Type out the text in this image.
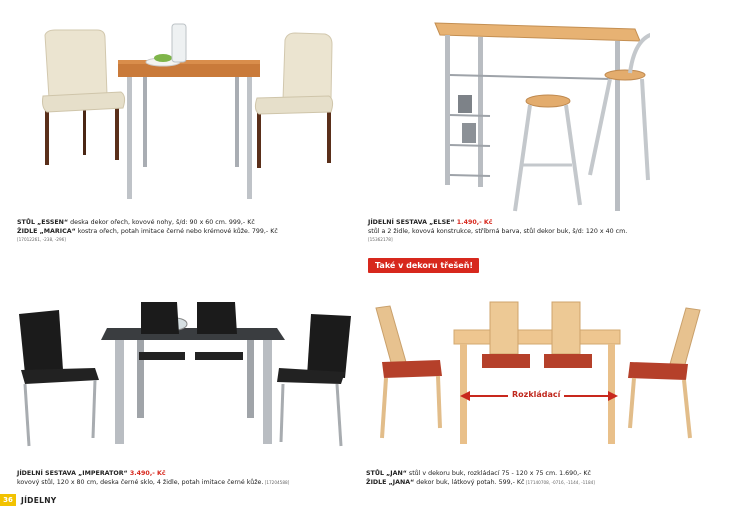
STŮL „ESSEN“ deska dekor ořech, kovové nohy, š/d: 90 x 60 cm. 999,- Kč
ŽIDLE „MARICA“ kostra ořech, potah imitace černé nebo krémové kůže. 799,- Kč
[17012261, -238, -296]
JÍDELNÍ SESTAVA „ELSE“ 1.490,- Kč
stůl a 2 židle, kovová konstrukce, stříbrná barva, stůl dekor buk, š/d: 120 x 40 cm.
[15362178]
Také v dekoru třešeň!
JÍDELNÍ SESTAVA „IMPERATOR“ 3.490,- Kč
kovový stůl, 120 x 80 cm, deska černé sklo, 4 židle, potah imitace černé kůže. [17204588]
Rozkládací
STŮL „JAN“ stůl v dekoru buk, rozkládací 75 - 120 x 75 cm. 1.690,- Kč
ŽIDLE „JANA“ dekor buk, látkový potah. 599,- Kč [17140708, -0716, -1144, -1184]
36	JÍDELNY
